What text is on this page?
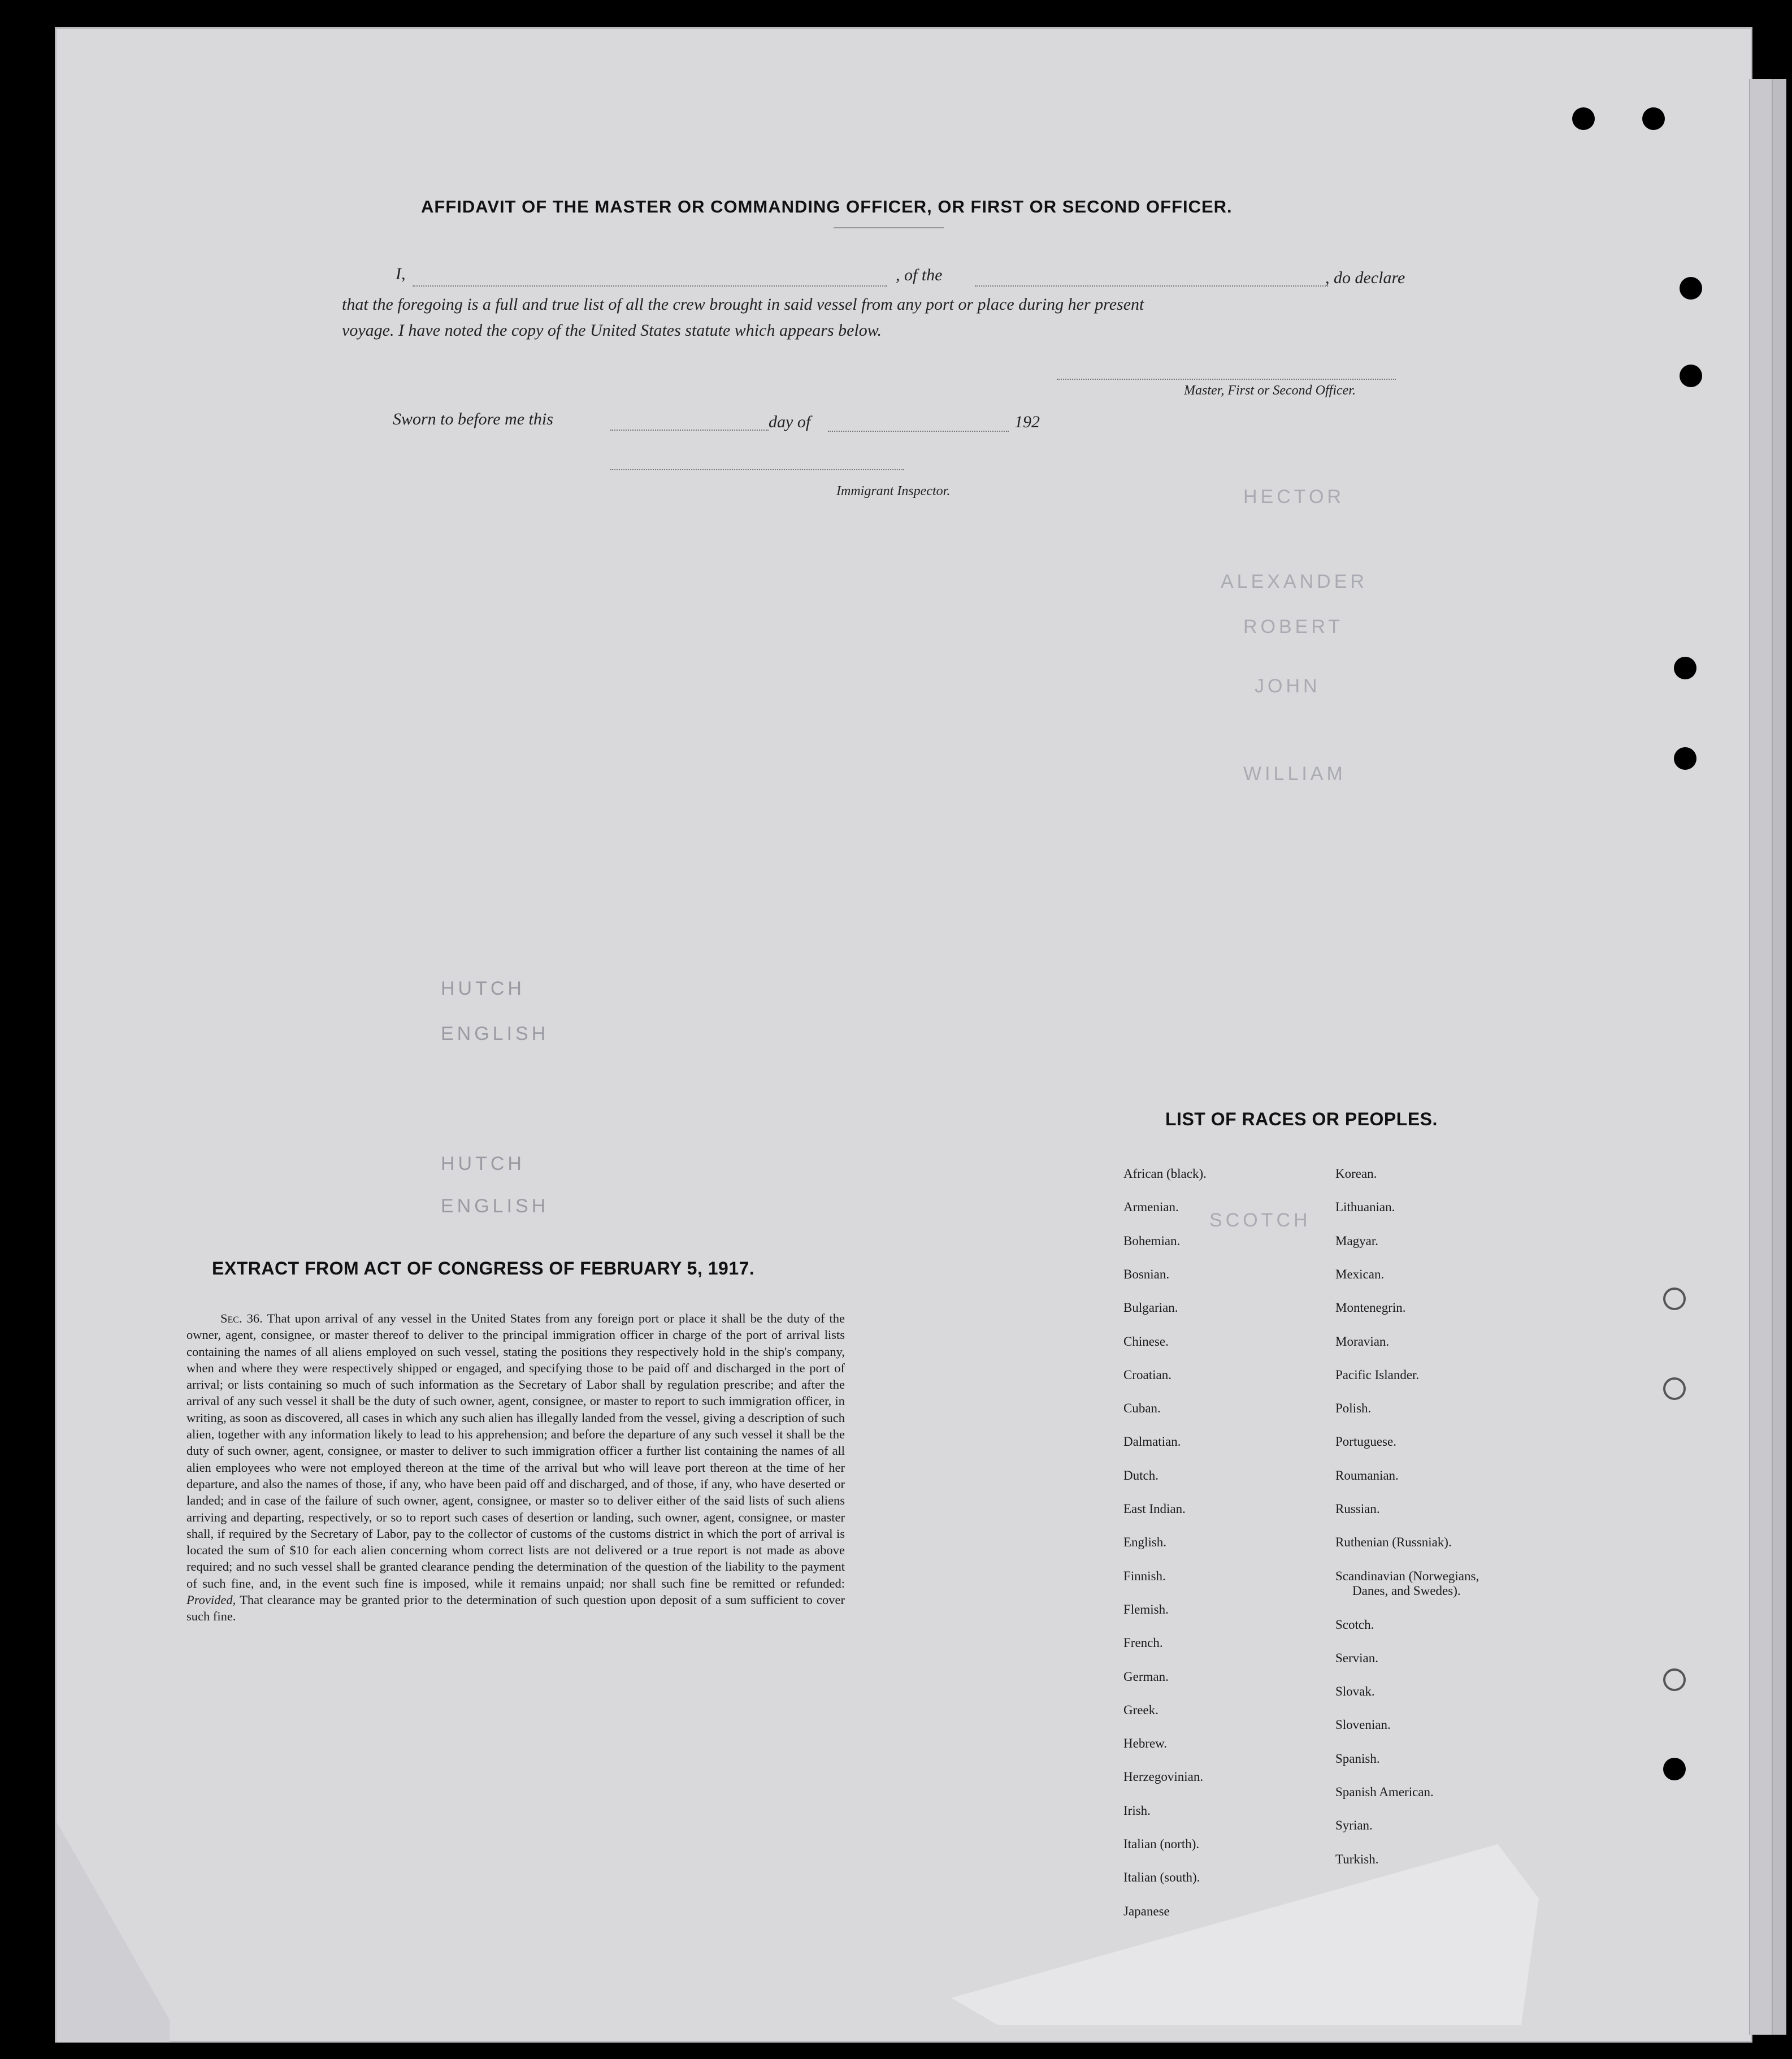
HECTOR
ALEXANDER
ROBERT
JOHN
WILLIAM
HUTCH
ENGLISH
HUTCH
ENGLISH
SCOTCH
AFFIDAVIT OF THE MASTER OR COMMANDING OFFICER, OR FIRST OR SECOND OFFICER.
I,	, of the	, do declare
that the foregoing is a full and true list of all the crew brought in said vessel from any port or place during her present
voyage. I have noted the copy of the United States statute which appears below.
Master, First or Second Officer.
Sworn to before me this	day of	192
Immigrant Inspector.
EXTRACT FROM ACT OF CONGRESS OF FEBRUARY 5, 1917.
Sec. 36. That upon arrival of any vessel in the United States from any foreign port or place it shall be the duty of the owner, agent, consignee, or master thereof to deliver to the principal immigration officer in charge of the port of arrival lists containing the names of all aliens employed on such vessel, stating the positions they respectively hold in the ship's company, when and where they were respectively shipped or engaged, and specifying those to be paid off and discharged in the port of arrival; or lists containing so much of such information as the Secretary of Labor shall by regulation prescribe; and after the arrival of any such vessel it shall be the duty of such owner, agent, consignee, or master to report to such immigration officer, in writing, as soon as discovered, all cases in which any such alien has illegally landed from the vessel, giving a description of such alien, together with any information likely to lead to his apprehension; and before the departure of any such vessel it shall be the duty of such owner, agent, consignee, or master to deliver to such immigration officer a further list containing the names of all alien employees who were not employed thereon at the time of the arrival but who will leave port thereon at the time of her departure, and also the names of those, if any, who have been paid off and discharged, and of those, if any, who have deserted or landed; and in case of the failure of such owner, agent, consignee, or master so to deliver either of the said lists of such aliens arriving and departing, respectively, or so to report such cases of desertion or landing, such owner, agent, consignee, or master shall, if required by the Secretary of Labor, pay to the collector of customs of the customs district in which the port of arrival is located the sum of $10 for each alien concerning whom correct lists are not delivered or a true report is not made as above required; and no such vessel shall be granted clearance pending the determination of the question of the liability to the payment of such fine, and, in the event such fine is imposed, while it remains unpaid; nor shall such fine be remitted or refunded: Provided, That clearance may be granted prior to the determination of such question upon deposit of a sum sufficient to cover such fine.
LIST OF RACES OR PEOPLES.
African (black).
Armenian.
Bohemian.
Bosnian.
Bulgarian.
Chinese.
Croatian.
Cuban.
Dalmatian.
Dutch.
East Indian.
English.
Finnish.
Flemish.
French.
German.
Greek.
Hebrew.
Herzegovinian.
Irish.
Italian (north).
Italian (south).
Japanese
Korean.
Lithuanian.
Magyar.
Mexican.
Montenegrin.
Moravian.
Pacific Islander.
Polish.
Portuguese.
Roumanian.
Russian.
Ruthenian (Russniak).
Scandinavian (Norwegians,
Danes, and Swedes).
Scotch.
Servian.
Slovak.
Slovenian.
Spanish.
Spanish American.
Syrian.
Turkish.
